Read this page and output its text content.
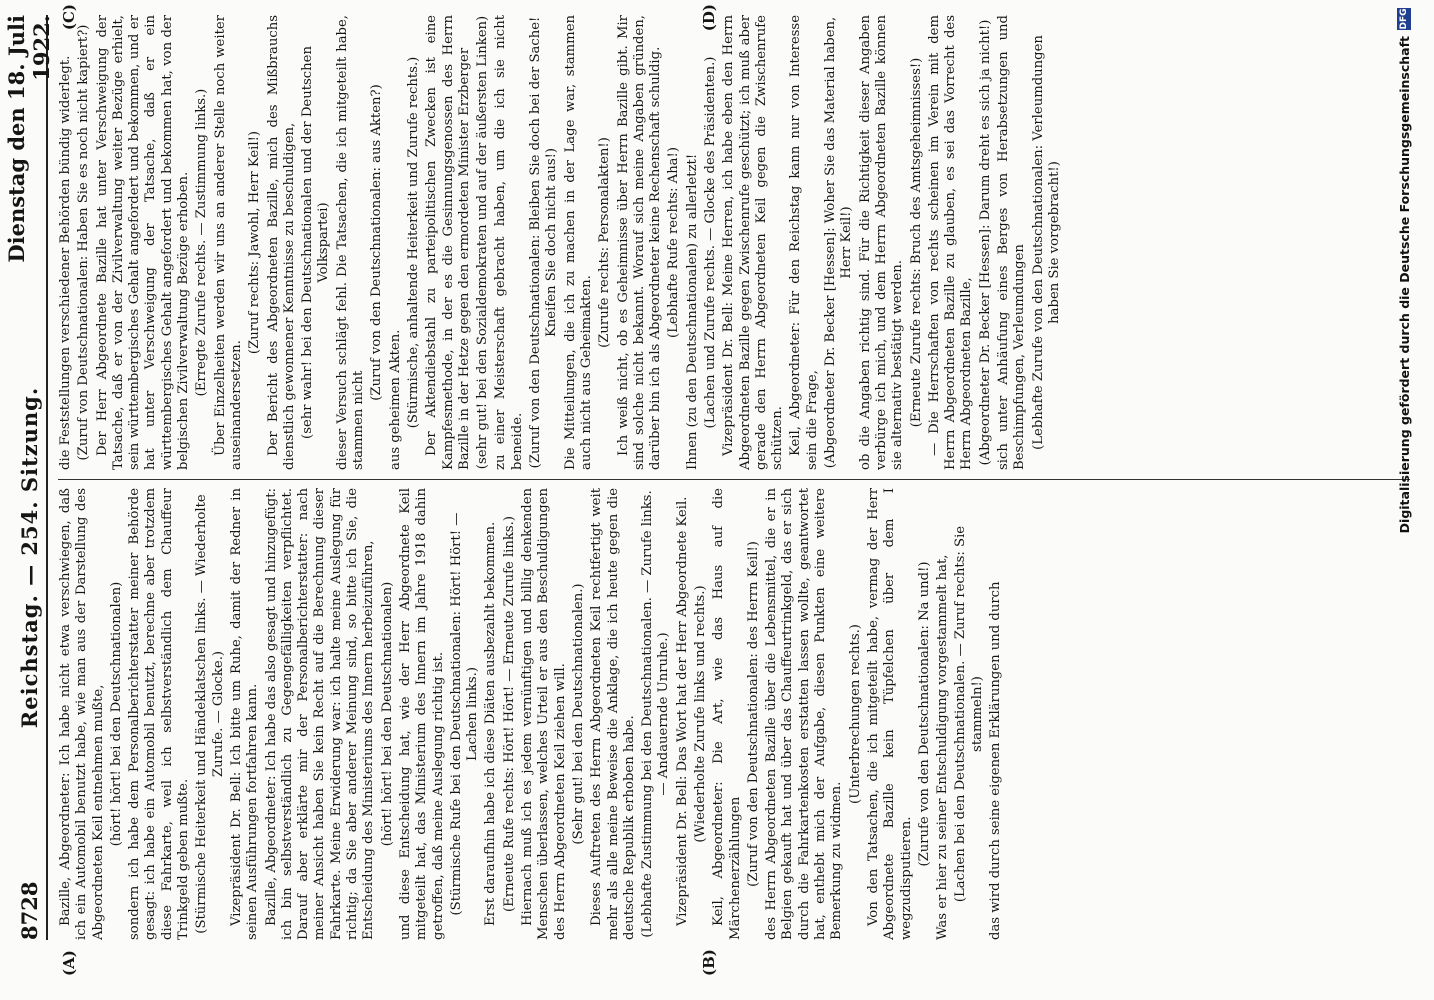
8728
Reichstag. — 254. Sitzung.
Dienstag den 18. Juli 1922.
(A)	(B)
(C)	(D)

Bazille, Abgeordneter: Ich habe nicht etwa verschwiegen, daß ich ein Automobil benutzt habe, wie man aus der Darstellung des Abgeordneten Keil entnehmen mußte, (hört! hört! bei den Deutschnationalen) sondern ich habe dem Personalberichterstatter meiner Behörde gesagt: ich habe ein Automobil benutzt, berechne aber trotzdem diese Fahrkarte, weil ich selbstverständlich dem Chauffeur Trinkgeld geben mußte. (Stürmische Heiterkeit und Händeklatschen links. — Wiederholte Zurufe. — Glocke.) Vizepräsident Dr. Bell: Ich bitte um Ruhe, damit der Redner in seinen Ausführungen fortfahren kann. Bazille, Abgeordneter: Ich habe das also gesagt und hinzugefügt: ich bin selbstverständlich zu Gegengefälligkeiten verpflichtet. Darauf aber erklärte mir der Personalberichterstatter: nach meiner Ansicht haben Sie kein Recht auf die Berechnung dieser Fahrkarte. Meine Erwiderung war: ich halte meine Auslegung für richtig; da Sie aber anderer Meinung sind, so bitte ich Sie, die Entscheidung des Ministeriums des Innern herbeizuführen, (hört! hört! bei den Deutschnationalen) und diese Entscheidung hat, wie der Herr Abgeordnete Keil mitgeteilt hat, das Ministerium des Innern im Jahre 1918 dahin getroffen, daß meine Auslegung richtig ist. (Stürmische Rufe bei den Deutschnationalen: Hört! Hört! — Lachen links.) Erst daraufhin habe ich diese Diäten ausbezahlt bekommen. (Erneute Rufe rechts: Hört! Hört! — Erneute Zurufe links.) Hiernach muß ich es jedem vernünftigen und billig denkenden Menschen überlassen, welches Urteil er aus den Beschuldigungen des Herrn Abgeordneten Keil ziehen will. (Sehr gut! bei den Deutschnationalen.) Dieses Auftreten des Herrn Abgeordneten Keil rechtfertigt weit mehr als alle meine Beweise die Anklage, die ich heute gegen die deutsche Republik erhoben habe. (Lebhafte Zustimmung bei den Deutschnationalen. — Zurufe links. — Andauernde Unruhe.) Vizepräsident Dr. Bell: Das Wort hat der Herr Abgeordnete Keil. (Wiederholte Zurufe links und rechts.) Keil, Abgeordneter: Die Art, wie das Haus auf die Märchenerzählungen (Zuruf von den Deutschnationalen: des Herrn Keil!) des Herrn Abgeordneten Bazille über die Lebensmittel, die er in Belgien gekauft hat und über das Chauffeurtrinkgeld, das er sich durch die Fahrkartenkosten erstatten lassen wollte, geantwortet hat, enthebt mich der Aufgabe, diesen Punkten eine weitere Bemerkung zu widmen.

(Unterbrechungen rechts.) Von den Tatsachen, die ich mitgeteilt habe, vermag der Herr Abgeordnete Bazille kein Tüpfelchen über dem I wegzudisputieren.

(Zurufe von den Deutschnationalen: Na und!) Was er hier zu seiner Entschuldigung vorgestammelt hat, (Lachen bei den Deutschnationalen. — Zuruf rechts: Sie stammeln!) das wird durch seine eigenen Erklärungen und durch

die Feststellungen verschiedener Behörden bündig widerlegt. (Zuruf von Deutschnationalen: Haben Sie es noch nicht kapiert?) Der Herr Abgeordnete Bazille hat unter Verschweigung der Tatsache, daß er von der Zivilverwaltung weiter Bezüge erhielt, sein württembergisches Gehalt angefordert und bekommen, und er hat unter Verschweigung der Tatsache, daß er ein württembergisches Gehalt angefordert und bekommen hat, von der belgischen Zivilverwaltung Bezüge erhoben. (Erregte Zurufe rechts. — Zustimmung links.) Über Einzelheiten werden wir uns an anderer Stelle noch weiter auseinandersetzen.

(Zuruf rechts: Jawohl, Herr Keil!) Der Bericht des Abgeordneten Bazille, mich des Mißbrauchs dienstlich gewonnener Kenntnisse zu beschuldigen, (sehr wahr! bei den Deutschnationalen und der Deutschen Volkspartei) dieser Versuch schlägt fehl. Die Tatsachen, die ich mitgeteilt habe, stammen nicht

(Zuruf von den Deutschnationalen: aus Akten?) aus geheimen Akten. (Stürmische, anhaltende Heiterkeit und Zurufe rechts.) Der Aktendiebstahl zu parteipolitischen Zwecken ist eine Kampfesmethode, in der es die Gesinnungsgenossen des Herrn Bazille in der Hetze gegen den ermordeten Minister Erzberger (sehr gut! bei den Sozialdemokraten und auf der äußersten Linken) zu einer Meisterschaft gebracht haben, um die ich sie nicht beneide. (Zuruf von den Deutschnationalen: Bleiben Sie doch bei der Sache! Kneifen Sie doch nicht aus!) Die Mitteilungen, die ich zu machen in der Lage war, stammen auch nicht aus Geheimakten.

(Zurufe rechts: Personalakten!) Ich weiß nicht, ob es Geheimnisse über Herrn Bazille gibt. Mir sind solche nicht bekannt. Worauf sich meine Angaben gründen, darüber bin ich als Abgeordneter keine Rechenschaft schuldig. (Lebhafte Rufe rechts: Aha!) Ihnen (zu den Deutschnationalen) zu allerletzt! (Lachen und Zurufe rechts. — Glocke des Präsidenten.) Vizepräsident Dr. Bell: Meine Herren, ich habe eben den Herrn Abgeordneten Bazille gegen Zwischenrufe geschützt; ich muß aber gerade den Herrn Abgeordneten Keil gegen die Zwischenrufe schützen. Keil, Abgeordneter: Für den Reichstag kann nur von Interesse sein die Frage, (Abgeordneter Dr. Becker [Hessen]: Woher Sie das Material haben, Herr Keil!) ob die Angaben richtig sind. Für die Richtigkeit dieser Angaben verbürge ich mich, und dem Herrn Abgeordneten Bazille können sie alternativ bestätigt werden. (Erneute Zurufe rechts: Bruch des Amtsgeheimnisses!) — Die Herrschaften von rechts scheinen im Verein mit dem Herrn Abgeordneten Bazille zu glauben, es sei das Vorrecht des Herrn Abgeordneten Bazille, (Abgeordneter Dr. Becker [Hessen]: Darum dreht es sich ja nicht!) sich unter Anhäufung eines Berges von Herabsetzungen und Beschimpfungen, Verleumdungen (Lebhafte Zurufe von den Deutschnationalen: Verleumdungen haben Sie vorgebracht!)	Digitalisierung gefördert durch die Deutsche Forschungsgemeinschaft
DFG
